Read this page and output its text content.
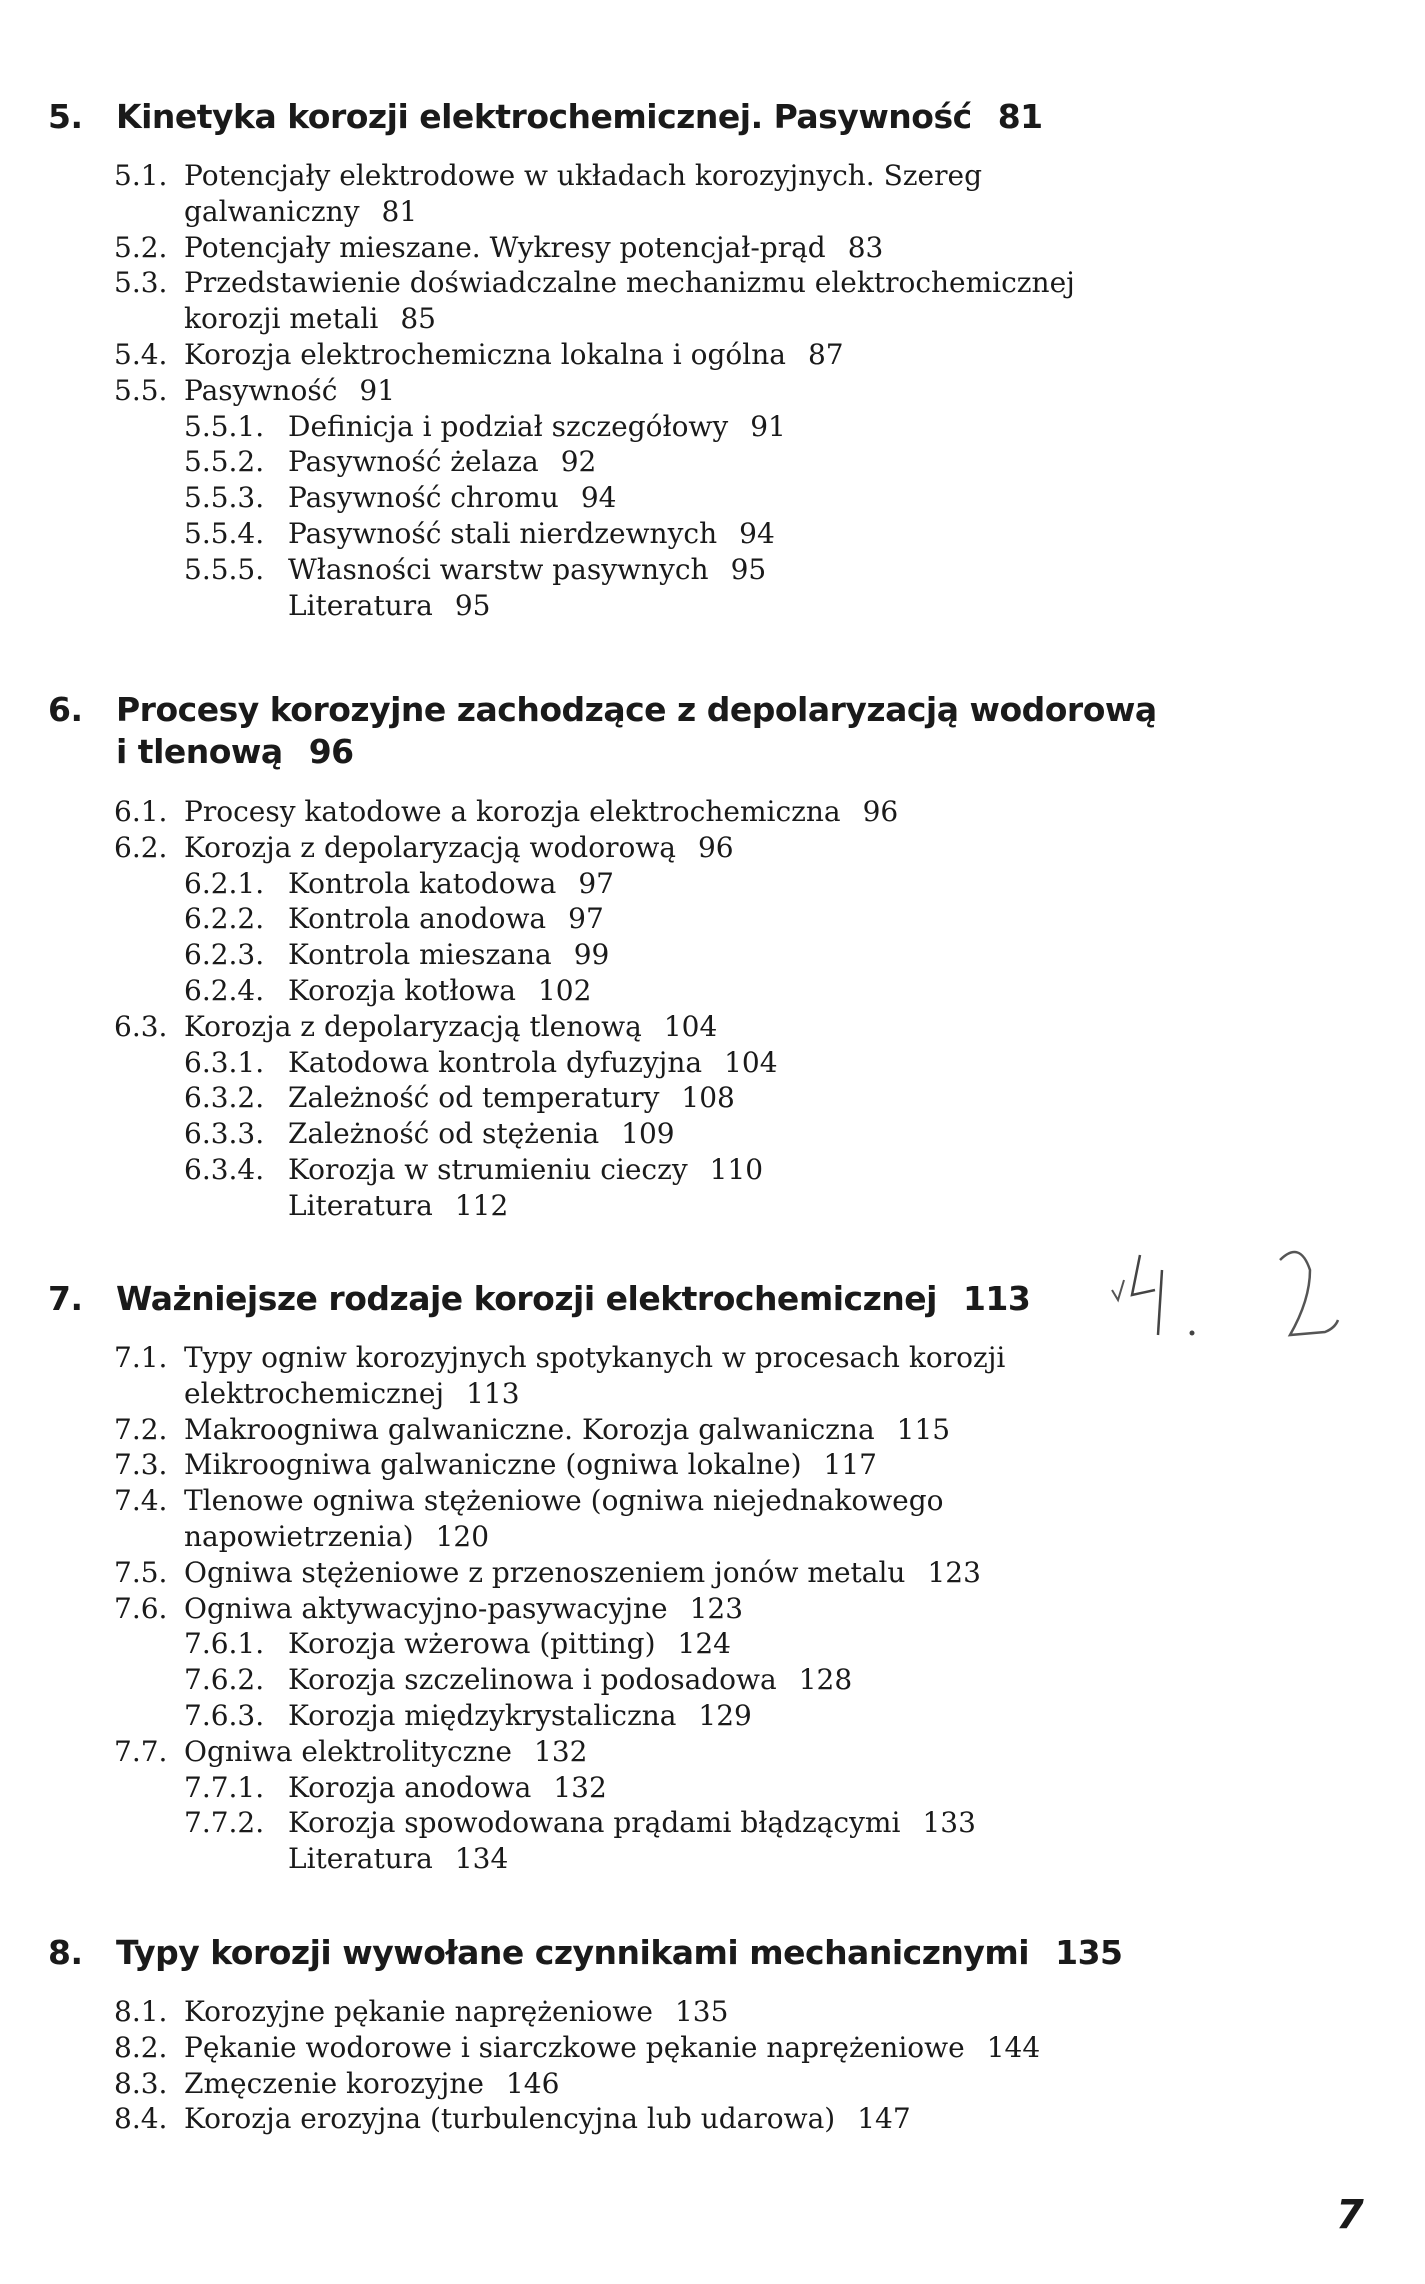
5. Kinetyka korozji elektrochemicznej. Pasywność 81
5.1. Potencjały elektrodowe w układach korozyjnych. Szereg
galwaniczny 81
5.2. Potencjały mieszane. Wykresy potencjał-prąd 83
5.3. Przedstawienie doświadczalne mechanizmu elektrochemicznej
korozji metali 85
5.4. Korozja elektrochemiczna lokalna i ogólna 87
5.5. Pasywność 91
5.5.1. Definicja i podział szczegółowy 91
5.5.2. Pasywność żelaza 92
5.5.3. Pasywność chromu 94
5.5.4. Pasywność stali nierdzewnych 94
5.5.5. Własności warstw pasywnych 95
Literatura 95
6. Procesy korozyjne zachodzące z depolaryzacją wodorową
i tlenową 96
6.1. Procesy katodowe a korozja elektrochemiczna 96
6.2. Korozja z depolaryzacją wodorową 96
6.2.1. Kontrola katodowa 97
6.2.2. Kontrola anodowa 97
6.2.3. Kontrola mieszana 99
6.2.4. Korozja kotłowa 102
6.3. Korozja z depolaryzacją tlenową 104
6.3.1. Katodowa kontrola dyfuzyjna 104
6.3.2. Zależność od temperatury 108
6.3.3. Zależność od stężenia 109
6.3.4. Korozja w strumieniu cieczy 110
Literatura 112
7. Ważniejsze rodzaje korozji elektrochemicznej 113
7.1. Typy ogniw korozyjnych spotykanych w procesach korozji
elektrochemicznej 113
7.2. Makroogniwa galwaniczne. Korozja galwaniczna 115
7.3. Mikroogniwa galwaniczne (ogniwa lokalne) 117
7.4. Tlenowe ogniwa stężeniowe (ogniwa niejednakowego
napowietrzenia) 120
7.5. Ogniwa stężeniowe z przenoszeniem jonów metalu 123
7.6. Ogniwa aktywacyjno-pasywacyjne 123
7.6.1. Korozja wżerowa (pitting) 124
7.6.2. Korozja szczelinowa i podosadowa 128
7.6.3. Korozja międzykrystaliczna 129
7.7. Ogniwa elektrolityczne 132
7.7.1. Korozja anodowa 132
7.7.2. Korozja spowodowana prądami błądzącymi 133
Literatura 134
8. Typy korozji wywołane czynnikami mechanicznymi 135
8.1. Korozyjne pękanie naprężeniowe 135
8.2. Pękanie wodorowe i siarczkowe pękanie naprężeniowe 144
8.3. Zmęczenie korozyjne 146
8.4. Korozja erozyjna (turbulencyjna lub udarowa) 147
7
